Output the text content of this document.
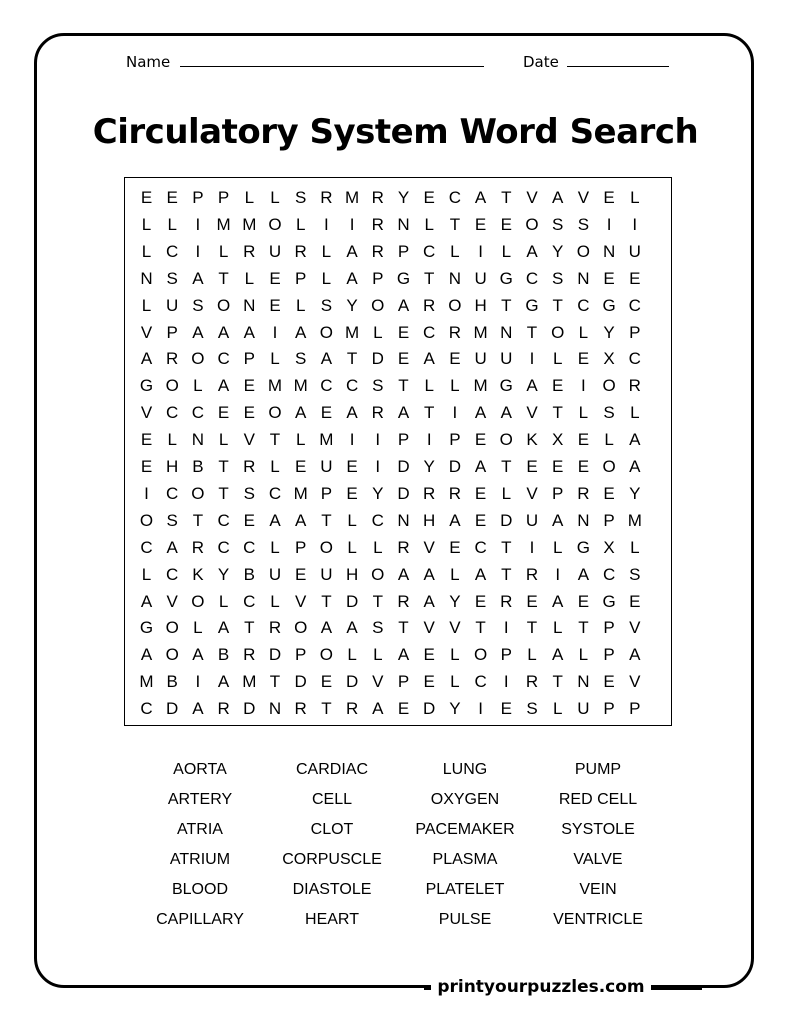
Name	Date
Circulatory System Word Search
E E P P L L S R M R Y E C A T V A V E L
L L	I M M O L	I	I	R N L T E E O S S	I	I
L C	I	L R U R L A R P C L	I	L A Y O N U
N S A T L E P L A P G T N U G C S N E E
L U S O N E L S Y O A R O H T G T C G C
V P A A A	I	A O M L E C R M N T O L Y P
A R O C P L S A T D E A E U U	I	L E X C
G O L A E M M C C S T L L M G A E	I O R
V C C E E O A E A R A T	I	A A V T L S L
E L N L V T L M I	I	P	I	P E O K X E L A
E H B T R L E U E	I	D Y D A T E E E O A
I	C O T S C M P E Y D R R E L V P R E Y
O S T C E A A T L C N H A E D U A N P M
C A R C C L P O L L R V E C T	I	L G X L
L C K Y B U E U H O A A L A T R	I	A C S
A V O L C L V T D T R A Y E R E A E G E
G O L A T R O A A S T V V T	I	T L T P V
A O A B R D P O L L A E L O P L A L P A
M B	I	A M T D E D V P E L C	I	R T N E V
C D A R D N R T R A E D Y	I	E S L U P P
AORTA
ARTERY
ATRIA
ATRIUM
BLOOD
CAPILLARY
CARDIAC
CELL
CLOT
CORPUSCLE
DIASTOLE
HEART
LUNG
OXYGEN
PACEMAKER
PLASMA
PLATELET
PULSE
PUMP
RED CELL
SYSTOLE
VALVE
VEIN
VENTRICLE
printyourpuzzles.com
